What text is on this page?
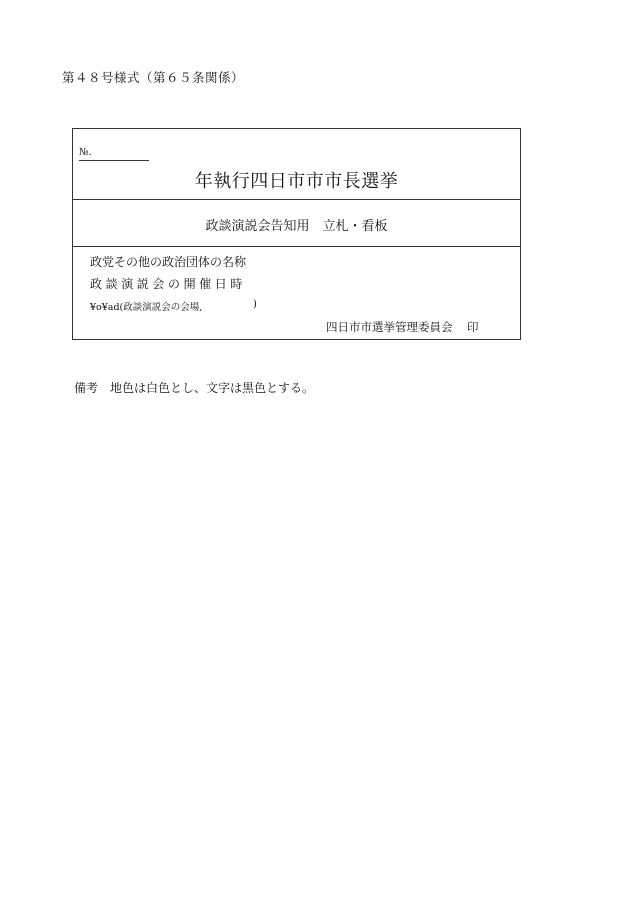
第４８号様式（第６５条関係）
№.
年執行四日市市市長選挙
政談演説会告知用　立札・看板
政党その他の政治団体の名称
政談演説会の開催日時
¥o¥ad(政談演説会の会場,	)
四日市市選挙管理委員会 印
備考 地色は白色とし、文字は黒色とする。
